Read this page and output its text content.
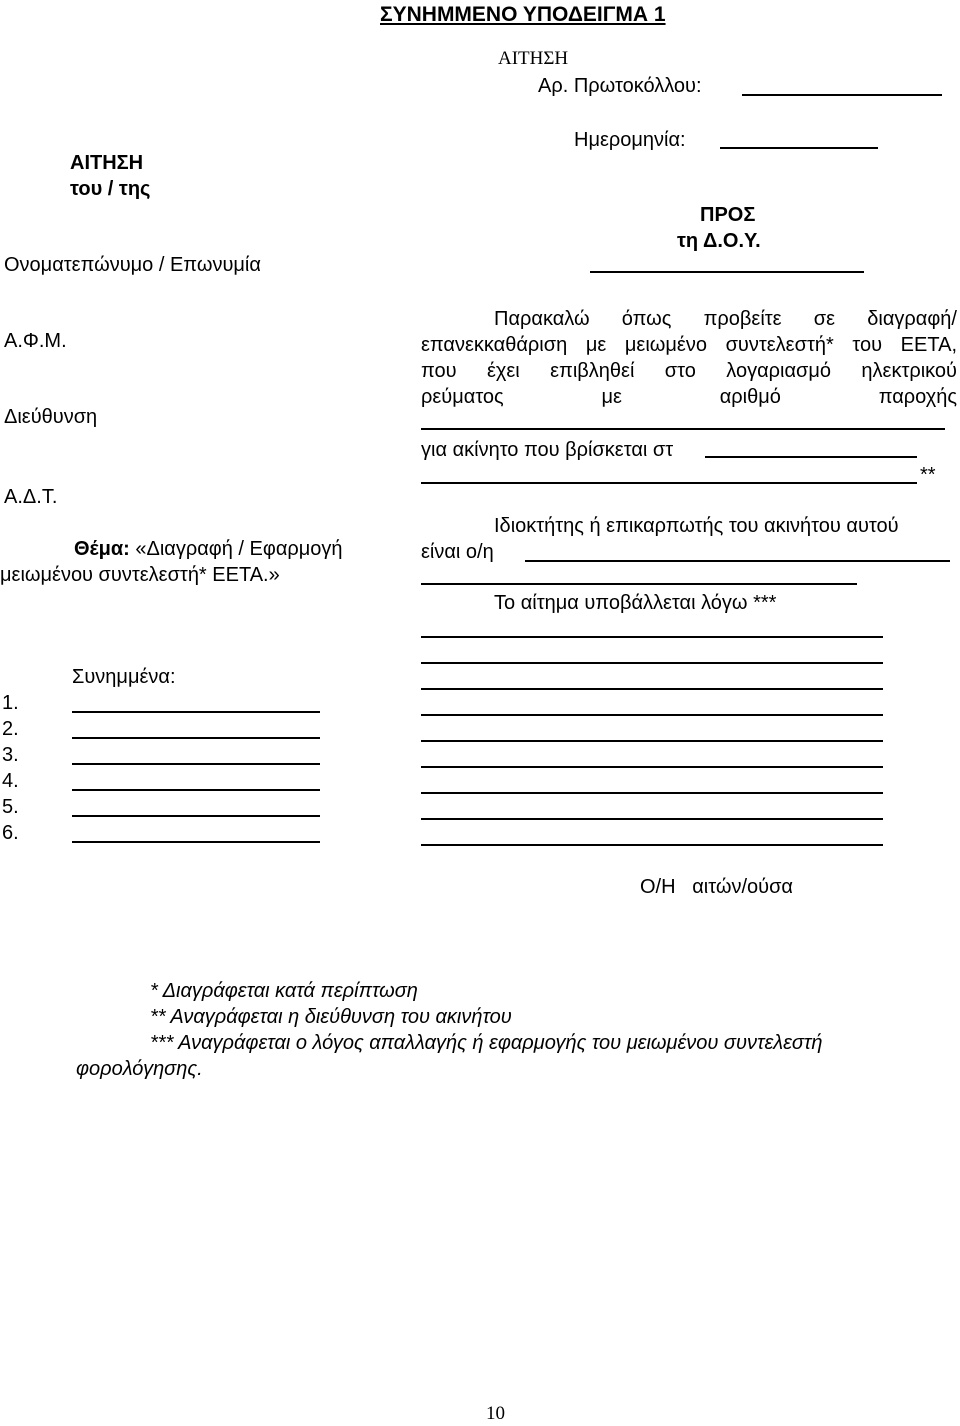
ΣΥΝΗΜΜΕΝΟ ΥΠΟΔΕΙΓΜΑ 1
ΑΙΤΗΣΗ
Αρ. Πρωτοκόλλου:
Ημερομηνία:
ΑΙΤΗΣΗ
του / της
Ονοματεπώνυμο / Επωνυμία
Α.Φ.Μ.
Διεύθυνση
Α.Δ.Τ.
Θέμα: «Διαγραφή / Εφαρμογή
μειωμένου συντελεστή* ΕΕΤΑ.»
ΠΡΟΣ
τη Δ.Ο.Υ.
Παρακαλώ όπως προβείτε σε διαγραφή/
επανεκκαθάριση με μειωμένο συντελεστή* του ΕΕΤΑ,
που έχει επιβληθεί στο λογαριασμό ηλεκτρικού
ρεύματος με αριθμό παροχής
για ακίνητο που βρίσκεται στ
**
Ιδιοκτήτης ή επικαρπωτής του ακινήτου αυτού
είναι ο/η
Το αίτημα υποβάλλεται λόγω ***
Συνημμένα:
1.
2.
3.
4.
5.
6.
Ο/Η   αιτών/ούσα
* Διαγράφεται κατά περίπτωση
** Αναγράφεται η διεύθυνση του ακινήτου
*** Αναγράφεται ο λόγος απαλλαγής ή εφαρμογής του μειωμένου συντελεστή
φορολόγησης.
10
